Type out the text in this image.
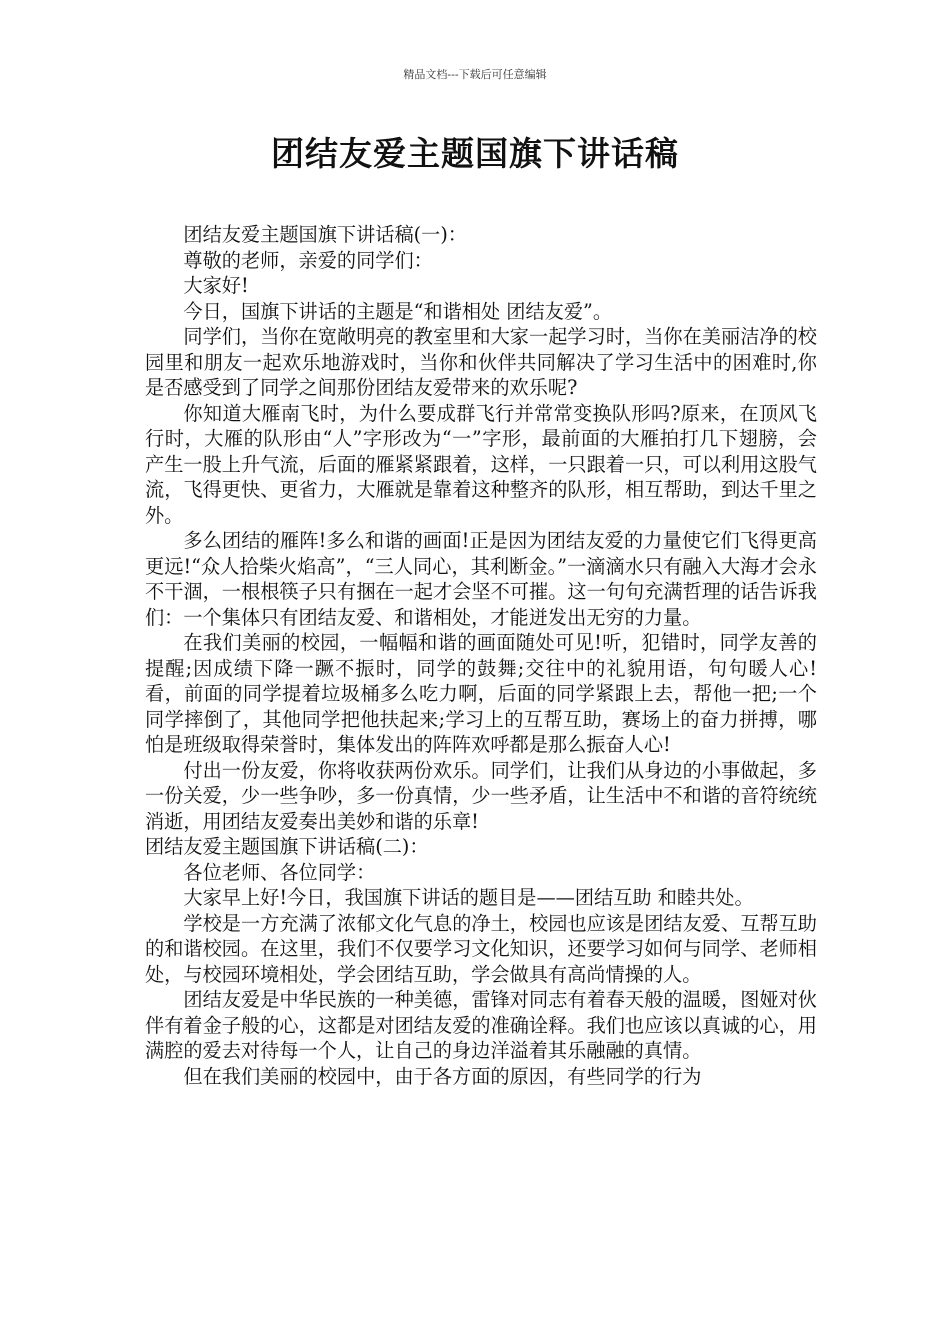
精品文档---下载后可任意编辑
团结友爱主题国旗下讲话稿

团结友爱主题国旗下讲话稿(一)：

尊敬的老师，亲爱的同学们：

大家好!

今日，国旗下讲话的主题是“和谐相处 团结友爱”。

同学们，当你在宽敞明亮的教室里和大家一起学习时，当你在美丽洁净的校园里和朋友一起欢乐地游戏时，当你和伙伴共同解决了学习生活中的困难时,你是否感受到了同学之间那份团结友爱带来的欢乐呢?

你知道大雁南飞时，为什么要成群飞行并常常变换队形吗?原来，在顶风飞行时，大雁的队形由“人”字形改为“一”字形，最前面的大雁拍打几下翅膀，会产生一股上升气流，后面的雁紧紧跟着，这样，一只跟着一只，可以利用这股气流，飞得更快、更省力，大雁就是靠着这种整齐的队形，相互帮助，到达千里之外。

多么团结的雁阵!多么和谐的画面!正是因为团结友爱的力量使它们飞得更高更远!“众人拾柴火焰高”，“三人同心，其利断金。”一滴滴水只有融入大海才会永不干涸，一根根筷子只有捆在一起才会坚不可摧。这一句句充满哲理的话告诉我们：一个集体只有团结友爱、和谐相处，才能迸发出无穷的力量。

在我们美丽的校园，一幅幅和谐的画面随处可见!听，犯错时，同学友善的提醒;因成绩下降一蹶不振时，同学的鼓舞;交往中的礼貌用语，句句暖人心!看，前面的同学提着垃圾桶多么吃力啊，后面的同学紧跟上去，帮他一把;一个同学摔倒了，其他同学把他扶起来;学习上的互帮互助，赛场上的奋力拼搏，哪怕是班级取得荣誉时，集体发出的阵阵欢呼都是那么振奋人心!

付出一份友爱，你将收获两份欢乐。同学们，让我们从身边的小事做起，多一份关爱，少一些争吵，多一份真情，少一些矛盾，让生活中不和谐的音符统统消逝，用团结友爱奏出美妙和谐的乐章!

团结友爱主题国旗下讲话稿(二)：

各位老师、各位同学：

大家早上好!今日，我国旗下讲话的题目是——团结互助 和睦共处。

学校是一方充满了浓郁文化气息的净土，校园也应该是团结友爱、互帮互助的和谐校园。在这里，我们不仅要学习文化知识，还要学习如何与同学、老师相处，与校园环境相处，学会团结互助，学会做具有高尚情操的人。

团结友爱是中华民族的一种美德，雷锋对同志有着春天般的温暖，图娅对伙伴有着金子般的心，这都是对团结友爱的准确诠释。我们也应该以真诚的心，用满腔的爱去对待每一个人，让自己的身边洋溢着其乐融融的真情。

但在我们美丽的校园中，由于各方面的原因，有些同学的行为
